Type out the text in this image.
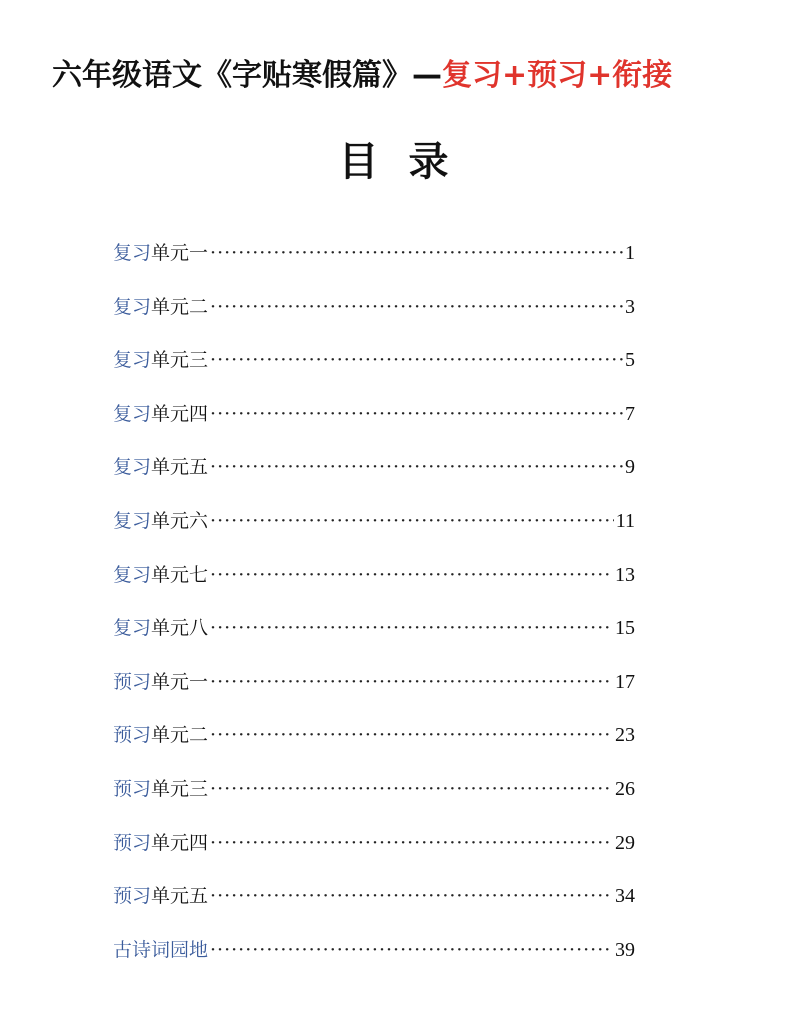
六年级语文《字贴寒假篇》—复习+预习+衔接
目录
复习 单元一 ·····	1
复习 单元二 ·····	3
复习 单元三 ·····	5
复习 单元四 ·····	7
复习 单元五 ·····	9
复习 单元六 ·····	11
复习 单元七 ·····	13
复习 单元八 ·····	15
预习 单元一 ·····	17
预习 单元二 ·····	23
预习 单元三 ·····	26
预习 单元四 ·····	29
预习 单元五 ·····	34
古诗词园地 ·····	39
